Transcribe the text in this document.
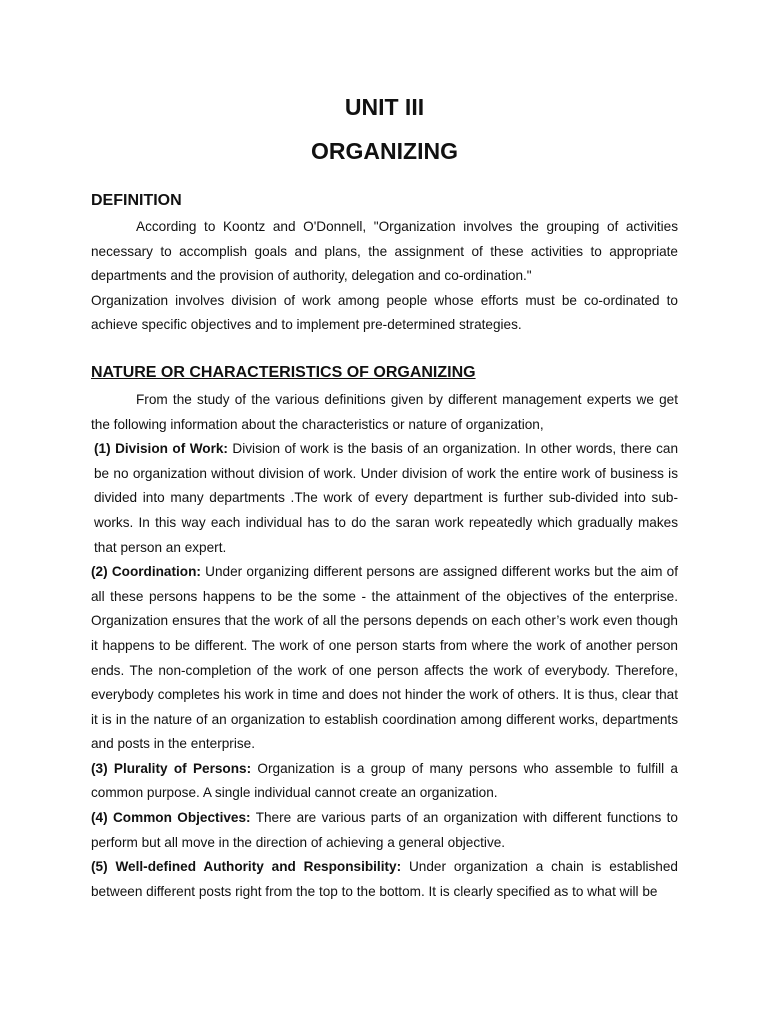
UNIT III
ORGANIZING
DEFINITION

According to Koontz and O'Donnell, "Organization involves the grouping of activities necessary to accomplish goals and plans, the assignment of these activities to appropriate departments and the provision of authority, delegation and co-ordination."

Organization involves division of work among people whose efforts must be co-ordinated to achieve specific objectives and to implement pre-determined strategies.

NATURE OR CHARACTERISTICS OF ORGANIZING

From the study of the various definitions given by different management experts we get the following information about the characteristics or nature of organization,

(1) Division of Work: Division of work is the basis of an organization. In other words, there can be no organization without division of work. Under division of work the entire work of business is divided into many departments .The work of every department is further sub-divided into sub-works. In this way each individual has to do the saran work repeatedly which gradually makes that person an expert.

(2) Coordination: Under organizing different persons are assigned different works but the aim of all these persons happens to be the some - the attainment of the objectives of the enterprise. Organization ensures that the work of all the persons depends on each other’s work even though it happens to be different. The work of one person starts from where the work of another person ends. The non-completion of the work of one person affects the work of everybody. Therefore, everybody completes his work in time and does not hinder the work of others. It is thus, clear that it is in the nature of an organization to establish coordination among different works, departments and posts in the enterprise.

(3) Plurality of Persons: Organization is a group of many persons who assemble to fulfill a common purpose. A single individual cannot create an organization.

(4) Common Objectives: There are various parts of an organization with different functions to perform but all move in the direction of achieving a general objective.

(5) Well-defined Authority and Responsibility: Under organization a chain is established between different posts right from the top to the bottom. It is clearly specified as to what will be
